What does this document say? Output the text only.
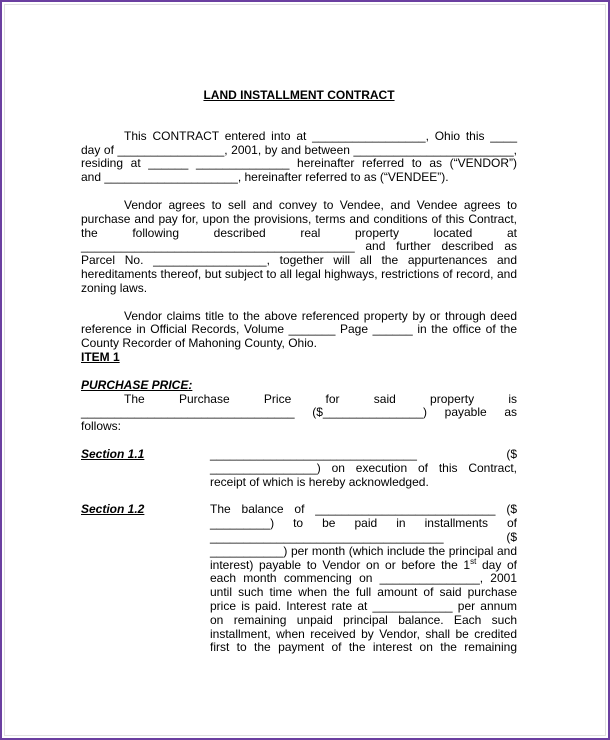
LAND INSTALLMENT CONTRACT

This CONTRACT entered into at _________________, Ohio this ____

day of ________________, 2001, by and between ________________________,

residing at ______ ______________ hereinafter referred to as (“VENDOR”)

and ____________________, hereinafter referred to as (“VENDEE”).

Vendor agrees to sell and convey to Vendee, and Vendee agrees to

purchase and pay for, upon the provisions, terms and conditions of this Contract,

the following described real property located at

_________________________________________ and further described as

Parcel No. _________________, together will all the appurtenances and

hereditaments thereof, but subject to all legal highways, restrictions of record, and

zoning laws.

Vendor claims title to the above referenced property by or through deed

reference in Official Records, Volume _______ Page ______ in the office of the

County Recorder of Mahoning County, Ohio.

ITEM 1

PURCHASE PRICE:

The Purchase Price for said property is

________________________________ ($_______________) payable as

follows:

Section 1.1	_______________________________ ($

________________) on execution of this Contract,

receipt of which is hereby acknowledged.

Section 1.2	The balance of ___________________________ ($

_________) to be paid in installments of

___________________________________ ($

___________) per month (which include the principal and

interest) payable to Vendor on or before the 1st day of

each month commencing on _______________, 2001

until such time when the full amount of said purchase

price is paid. Interest rate at ____________ per annum

on remaining unpaid principal balance. Each such

installment, when received by Vendor, shall be credited

first to the payment of the interest on the remaining
